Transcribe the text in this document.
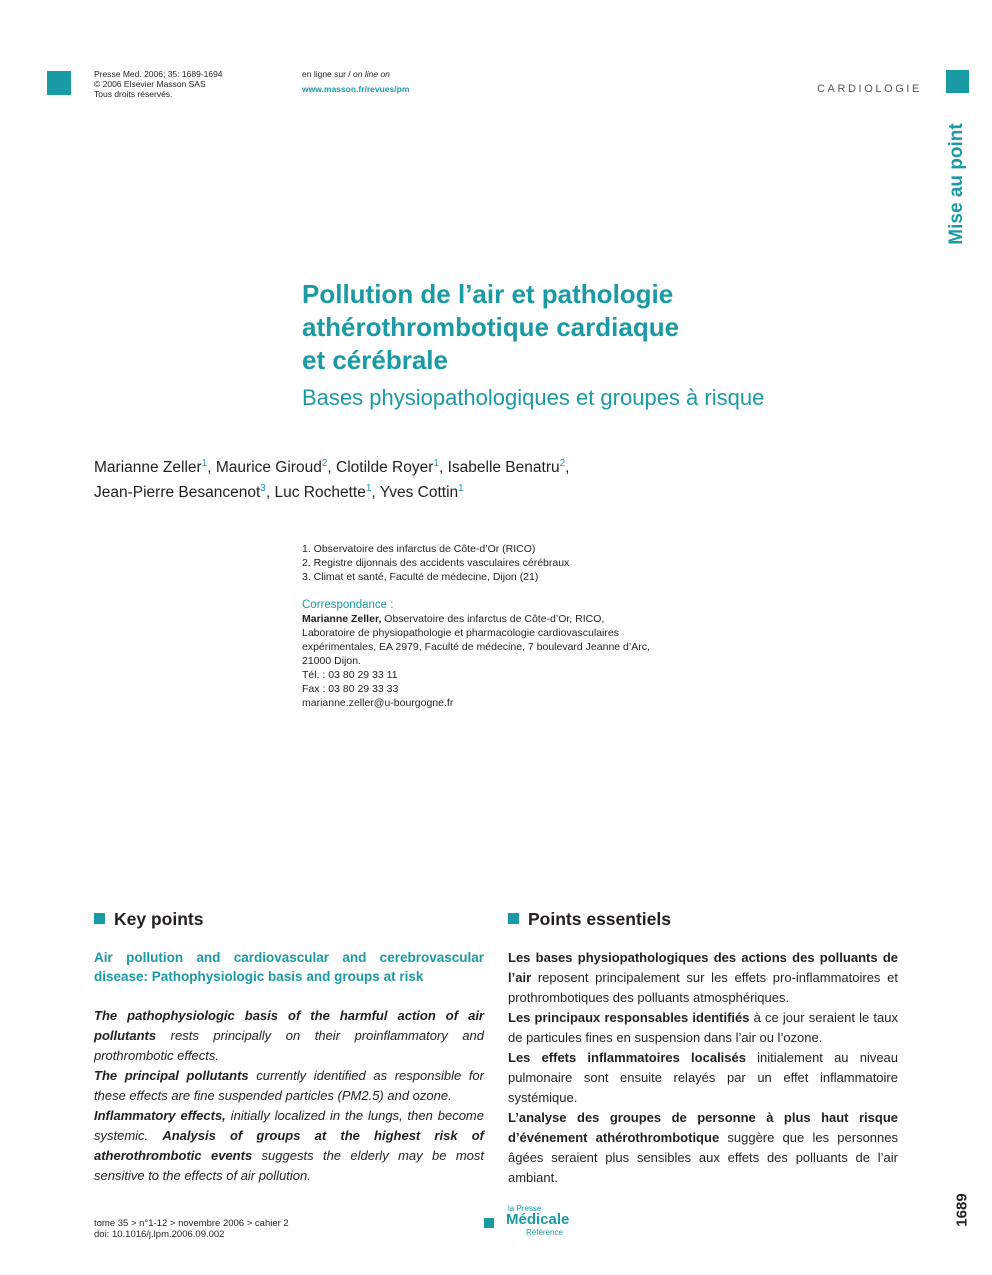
Presse Med. 2006; 35: 1689-1694
© 2006 Elsevier Masson SAS
Tous droits réservés.
en ligne sur / on line on
www.masson.fr/revues/pm	CARDIOLOGIE
Mise au point
Pollution de l’air et pathologie
athérothrombotique cardiaque
et cérébrale
Bases physiopathologiques et groupes à risque
Marianne Zeller$^1$, Maurice Giroud$^2$, Clotilde Royer$^1$, Isabelle Benatru$^2$,
Jean-Pierre Besancenot$^3$, Luc Rochette$^1$, Yves Cottin$^1$
1. Observatoire des infarctus de Côte-d’Or (RICO)
2. Registre dijonnais des accidents vasculaires cérébraux
3. Climat et santé, Faculté de médecine, Dijon (21)
Correspondance :
Marianne Zeller, Observatoire des infarctus de Côte-d’Or, RICO,
Laboratoire de physiopathologie et pharmacologie cardiovasculaires
expérimentales, EA 2979, Faculté de médecine, 7 boulevard Jeanne d’Arc,
21000 Dijon.
Tél. : 03 80 29 33 11
Fax : 03 80 29 33 33
marianne.zeller@u-bourgogne.fr
Key points
Air pollution and cardiovascular and cerebrovascular disease: Pathophysiologic basis and groups at risk

The pathophysiologic basis of the harmful action of air pollutants rests principally on their proinflammatory and prothrombotic effects.

The principal pollutants currently identified as responsible for these effects are fine suspended particles (PM2.5) and ozone.

Inflammatory effects, initially localized in the lungs, then become systemic. Analysis of groups at the highest risk of atherothrombotic events suggests the elderly may be most sensitive to the effects of air pollution.

Points essentiels

Les bases physiopathologiques des actions des polluants de l’air reposent principalement sur les effets pro-inflammatoires et prothrombotiques des polluants atmosphériques.

Les principaux responsables identifiés à ce jour seraient le taux de particules fines en suspension dans l’air ou l’ozone.

Les effets inflammatoires localisés initialement au niveau pulmonaire sont ensuite relayés par un effet inflammatoire systémique.

L’analyse des groupes de personne à plus haut risque d’événement athérothrombotique suggère que les personnes âgées seraient plus sensibles aux effets des polluants de l’air ambiant.

tome 35 > n°1-12 > novembre 2006 > cahier 2
doi: 10.1016/j.lpm.2006.09.002
la Presse
Médicale
Référence
1689
